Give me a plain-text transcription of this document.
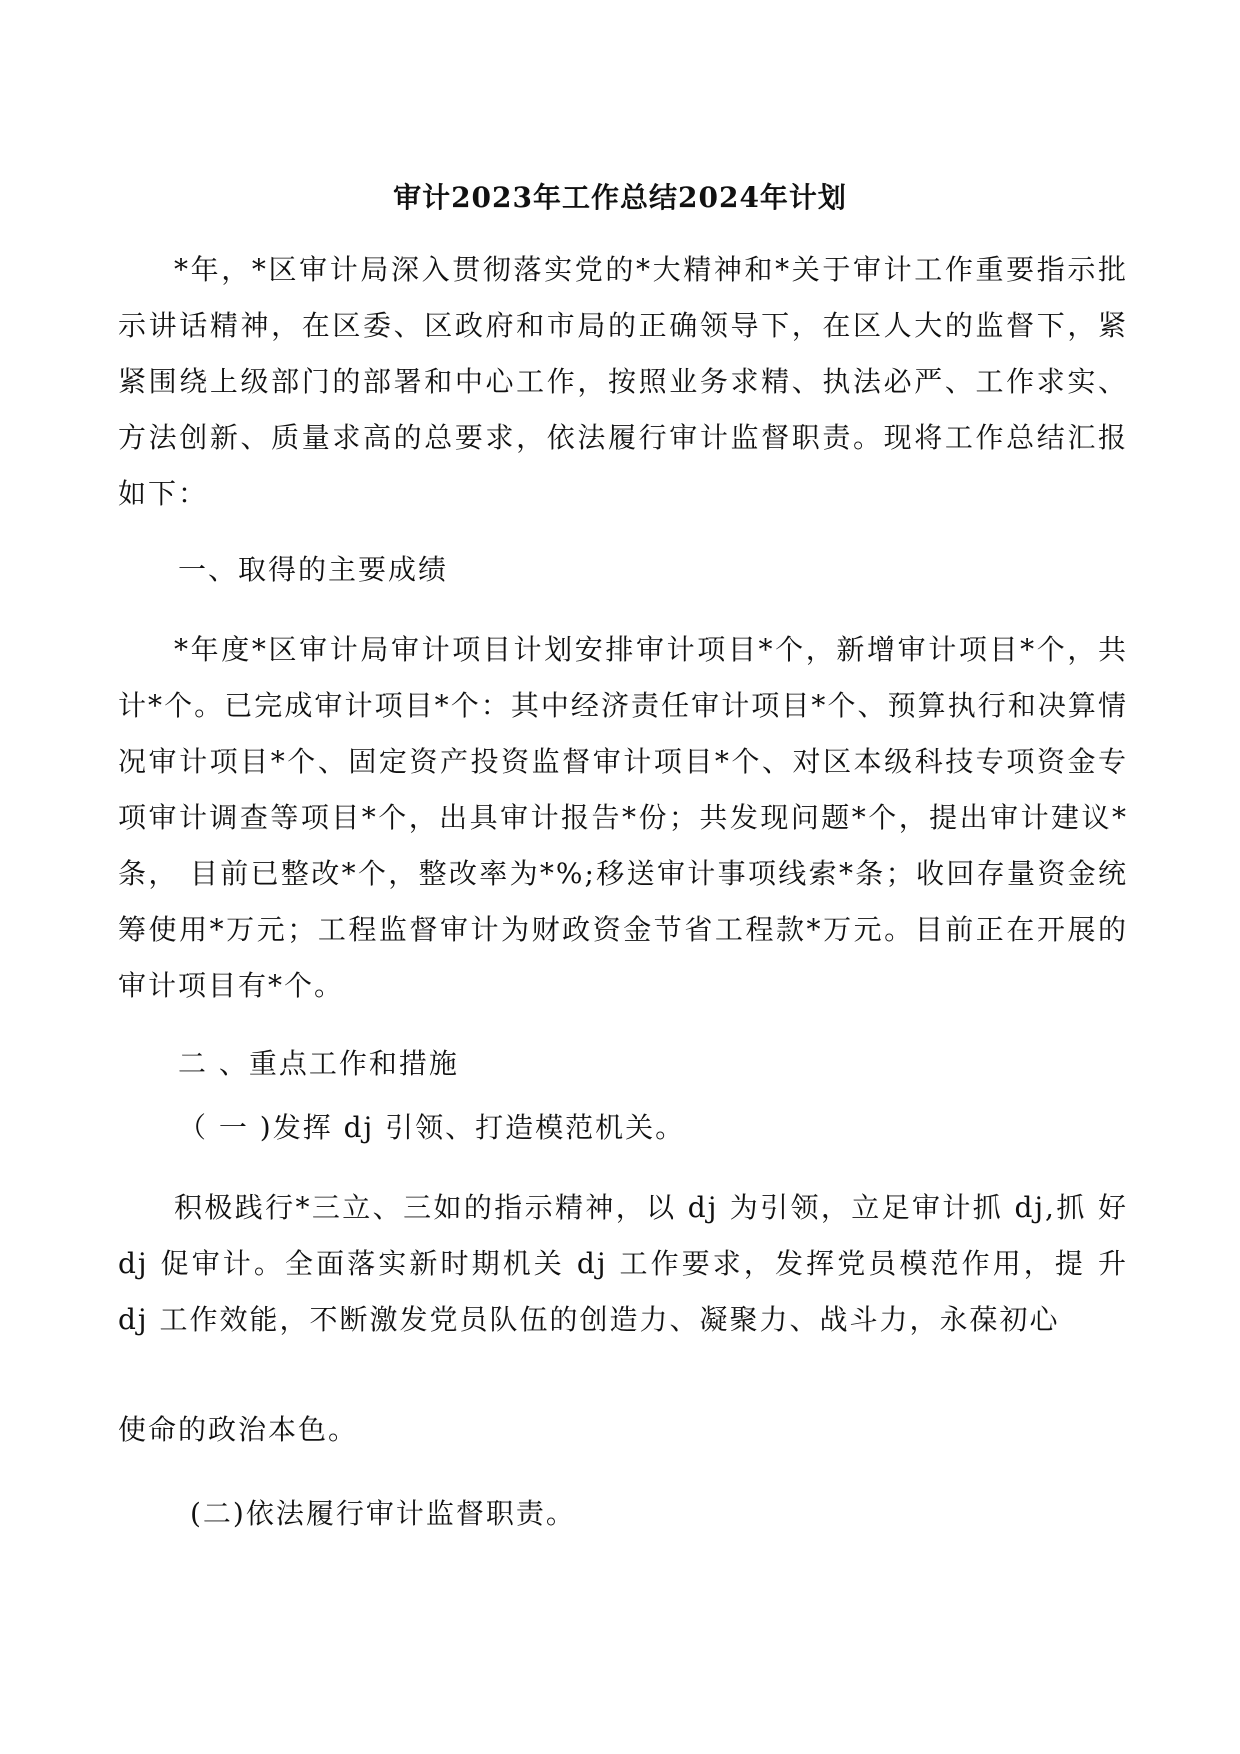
审计2023年工作总结2024年计划
*年，*区审计局深入贯彻落实党的*大精神和*关于审计工作重要指示批示讲话精神，在区委、区政府和市局的正确领导下，在区人大的监督下，紧紧围绕上级部门的部署和中心工作，按照业务求精、执法必严、工作求实、方法创新、质量求高的总要求，依法履行审计监督职责。现将工作总结汇报如下：
一、取得的主要成绩
*年度*区审计局审计项目计划安排审计项目*个，新增审计项目*个，共计*个。已完成审计项目*个：其中经济责任审计项目*个、预算执行和决算情况审计项目*个、固定资产投资监督审计项目*个、对区本级科技专项资金专项审计调查等项目*个，出具审计报告*份；共发现问题*个，提出审计建议*条， 目前已整改*个，整改率为*%;移送审计事项线索*条；收回存量资金统筹使用*万元；工程监督审计为财政资金节省工程款*万元。目前正在开展的审计项目有*个。
二 、重点工作和措施
（ 一 )发挥 dj 引领、打造模范机关。
积极践行*三立、三如的指示精神，以 dj 为引领，立足审计抓 dj,抓 好 dj 促审计。全面落实新时期机关 dj 工作要求，发挥党员模范作用，提 升 dj 工作效能，不断激发党员队伍的创造力、凝聚力、战斗力，永葆初心
使命的政治本色。
(二)依法履行审计监督职责。
